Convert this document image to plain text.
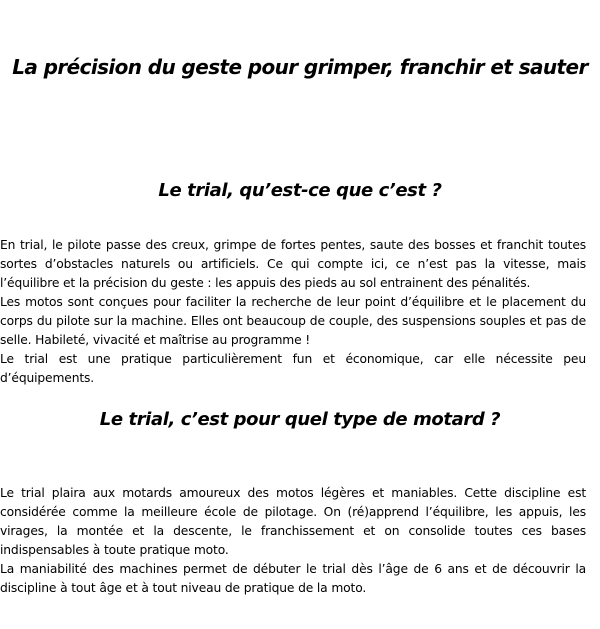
La précision du geste pour grimper, franchir et sauter
Le trial, qu’est-ce que c’est ?

En trial, le pilote passe des creux, grimpe de fortes pentes, saute des bosses et franchit toutes sortes d’obstacles naturels ou artificiels. Ce qui compte ici, ce n’est pas la vitesse, mais l’équilibre et la précision du geste : les appuis des pieds au sol entrainent des pénalités.

Les motos sont conçues pour faciliter la recherche de leur point d’équilibre et le placement du corps du pilote sur la machine. Elles ont beaucoup de couple, des suspensions souples et pas de selle. Habileté, vivacité et maîtrise au programme !

Le trial est une pratique particulièrement fun et économique, car elle nécessite peu d’équipements.

Le trial, c’est pour quel type de motard ?

Le trial plaira aux motards amoureux des motos légères et maniables. Cette discipline est considérée comme la meilleure école de pilotage. On (ré)apprend l’équilibre, les appuis, les virages, la montée et la descente, le franchissement et on consolide toutes ces bases indispensables à toute pratique moto.

La maniabilité des machines permet de débuter le trial dès l’âge de 6 ans et de découvrir la discipline à tout âge et à tout niveau de pratique de la moto.
